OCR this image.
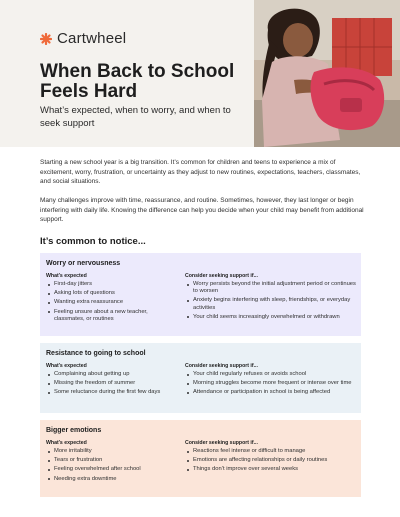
Cartwheel
When Back to School Feels Hard

What’s expected, when to worry, and when to seek support

Starting a new school year is a big transition. It’s common for children and teens to experience a mix of excitement, worry, frustration, or uncertainty as they adjust to new routines, expectations, teachers, classmates, and social situations.

Many challenges improve with time, reassurance, and routine. Sometimes, however, they last longer or begin interfering with daily life. Knowing the difference can help you decide when your child may benefit from additional support.

It’s common to notice...
Worry or nervousness
What’s expected
First-day jitters
Asking lots of questions
Wanting extra reassurance
Feeling unsure about a new teacher, classmates, or routines
Consider seeking support if...
Worry persists beyond the initial adjustment period or continues to worsen
Anxiety begins interfering with sleep, friendships, or everyday activities
Your child seems increasingly overwhelmed or withdrawn
Resistance to going to school
What’s expected
Complaining about getting up
Missing the freedom of summer
Some reluctance during the first few days
Consider seeking support if...
Your child regularly refuses or avoids school
Morning struggles become more frequent or intense over time
Attendance or participation in school is being affected
Bigger emotions
What’s expected
More irritability
Tears or frustration
Feeling overwhelmed after school
Needing extra downtime
Consider seeking support if...
Reactions feel intense or difficult to manage
Emotions are affecting relationships or daily routines
Things don’t improve over several weeks
